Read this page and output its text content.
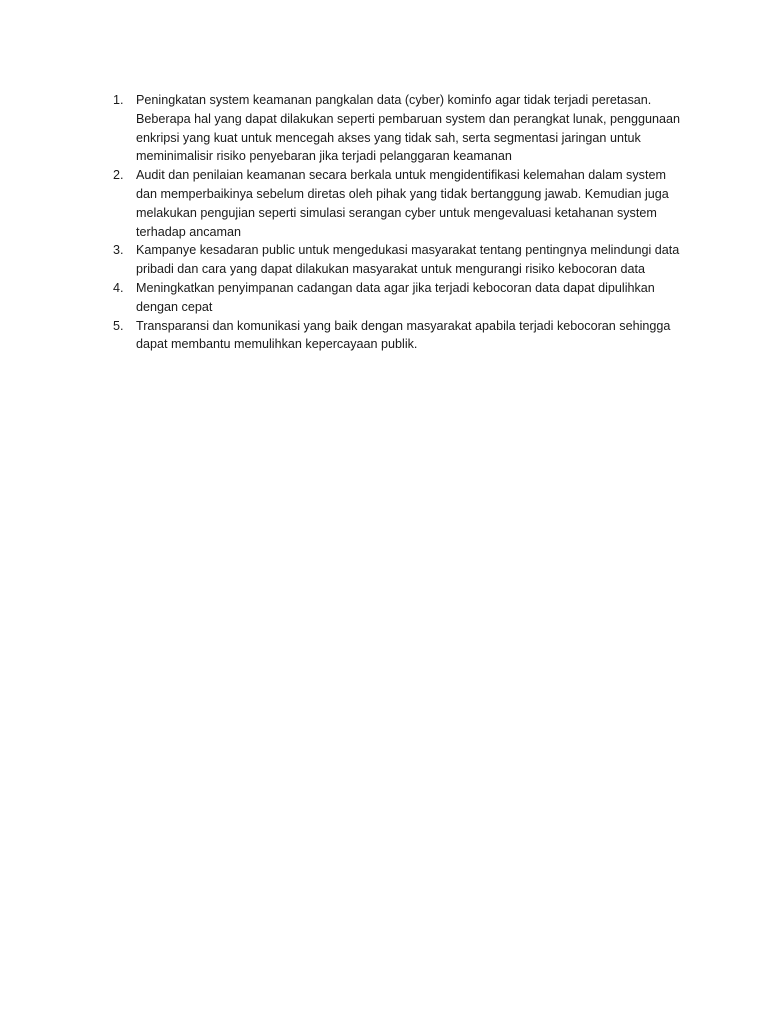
1. Peningkatan system keamanan pangkalan data (cyber) kominfo agar tidak terjadi peretasan.
Beberapa hal yang dapat dilakukan seperti pembaruan system dan perangkat lunak, penggunaan
enkripsi yang kuat untuk mencegah akses yang tidak sah, serta segmentasi jaringan untuk
meminimalisir risiko penyebaran jika terjadi pelanggaran keamanan
2. Audit dan penilaian keamanan secara berkala untuk mengidentifikasi kelemahan dalam system
dan memperbaikinya sebelum diretas oleh pihak yang tidak bertanggung jawab. Kemudian juga
melakukan pengujian seperti simulasi serangan cyber untuk mengevaluasi ketahanan system
terhadap ancaman
3. Kampanye kesadaran public untuk mengedukasi masyarakat tentang pentingnya melindungi data
pribadi dan cara yang dapat dilakukan masyarakat untuk mengurangi risiko kebocoran data
4. Meningkatkan penyimpanan cadangan data agar jika terjadi kebocoran data dapat dipulihkan
dengan cepat
5. Transparansi dan komunikasi yang baik dengan masyarakat apabila terjadi kebocoran sehingga
dapat membantu memulihkan kepercayaan publik.
